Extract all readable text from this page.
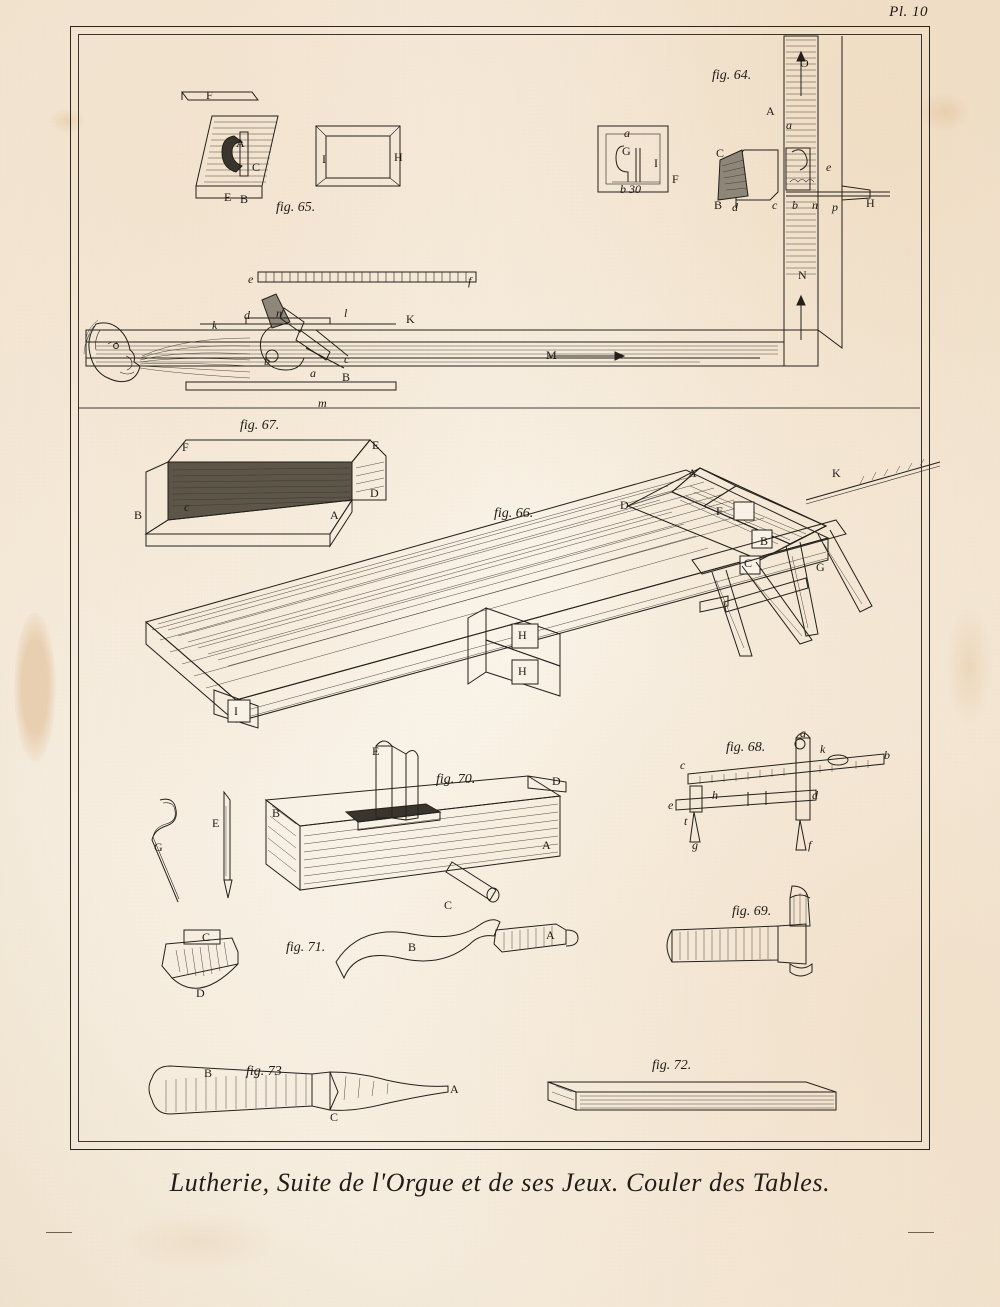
Pl. 10
fig. 64.
O
A
a
C
e
B d	c b n p H
N
M
K
G
I
F
a
b 30
fig. 65.
F
A
C
E B
I	H
fig. 67.
e	f
k
d n	l
b
a
c
B
m
F	E
c
D
B	A	fig. 66.
A	K
D	F
B
C	G
H
H
I
fig. 68.
a
k	b
c
h	d
e
t
g	f
G
E
fig. 70.
E
D
B
A
C	fig. 69.
fig. 71.
C
D
B
A
fig. 72.
fig. 73
B
C
A
Lutherie, Suite de l'Orgue et de ses Jeux. Couler des Tables.
